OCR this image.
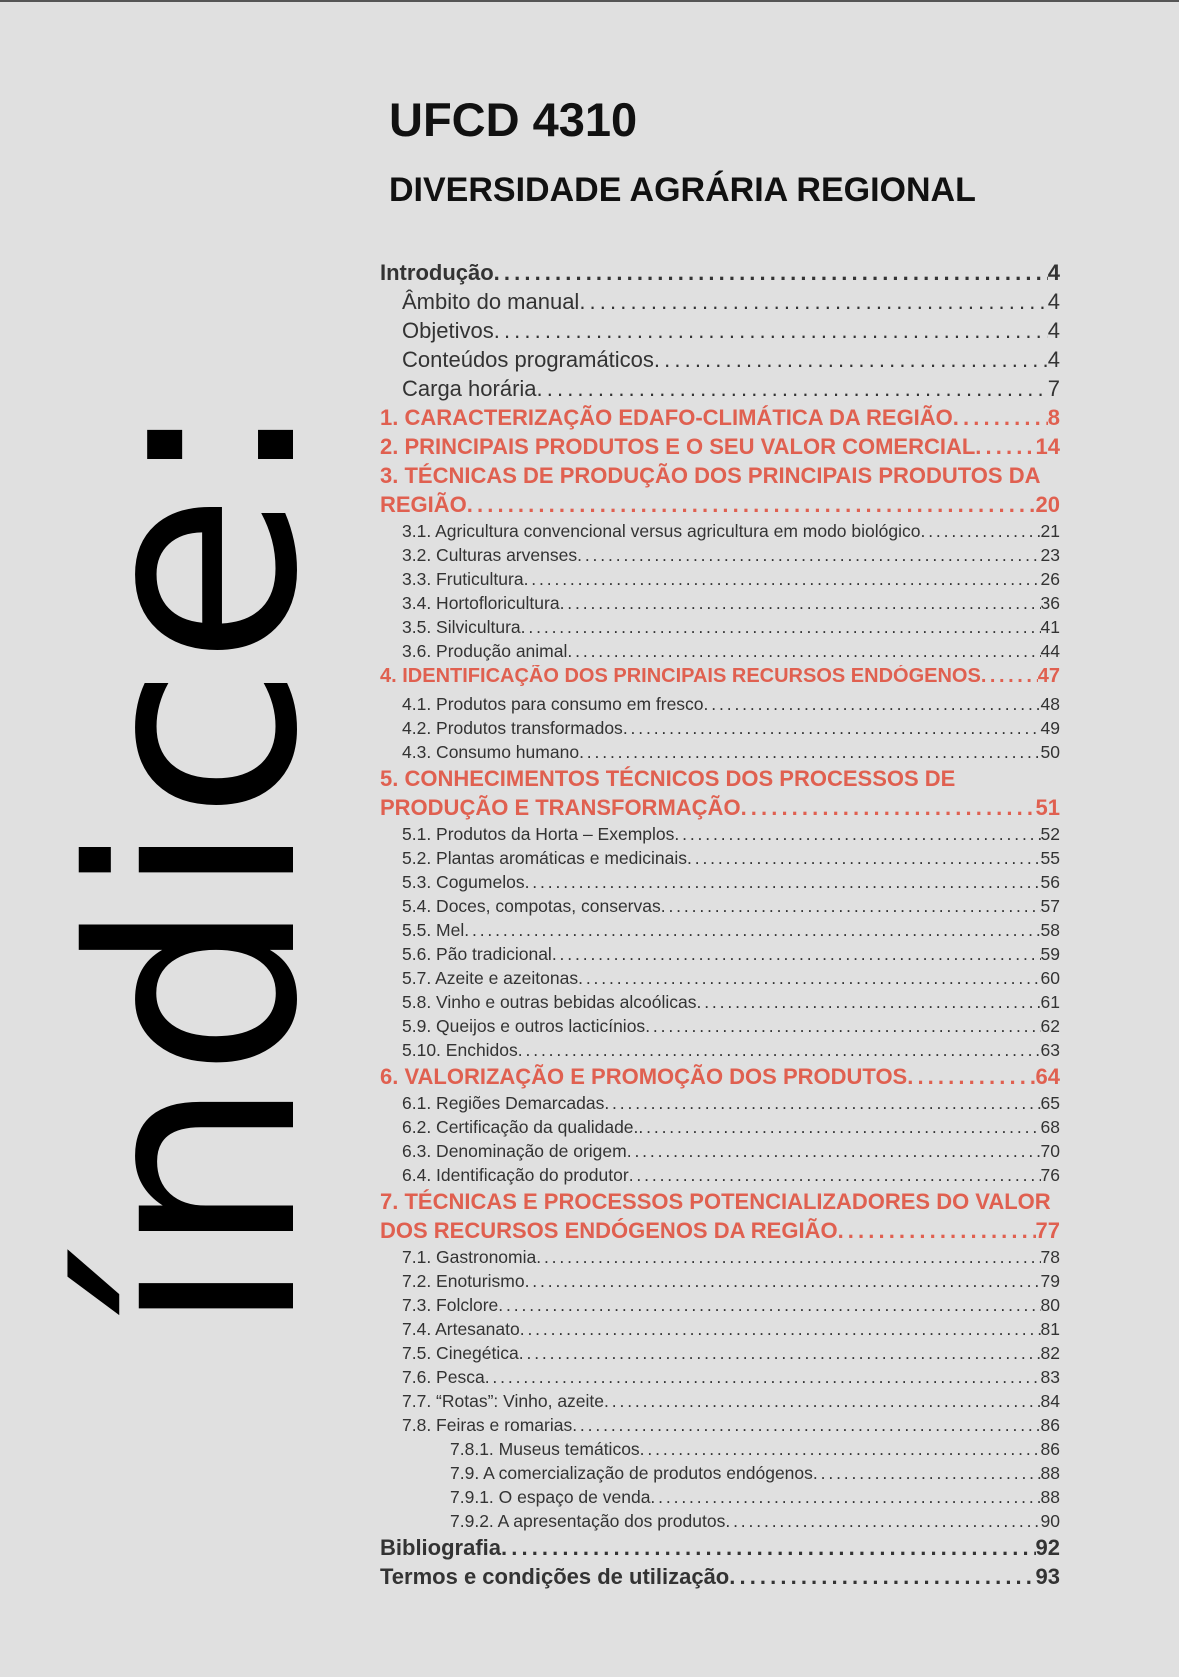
índice:
UFCD 4310
DIVERSIDADE AGRÁRIA REGIONAL
Introdução . . .	4
Âmbito do manual . . .	4
Objetivos . . .	4
Conteúdos programáticos . . .	4
Carga horária . . .	7
1. CARACTERIZAÇÃO EDAFO-CLIMÁTICA DA REGIÃO . . .	8
2. PRINCIPAIS PRODUTOS E O SEU VALOR COMERCIAL . . .	14
3. TÉCNICAS DE PRODUÇÃO DOS PRINCIPAIS PRODUTOS DA
REGIÃO . . .	20
3.1. Agricultura convencional versus agricultura em modo biológico . . .	21
3.2. Culturas arvenses . . .	23
3.3. Fruticultura . . .	26
3.4. Hortofloricultura . . .	36
3.5. Silvicultura . . .	41
3.6. Produção animal . . .	44
4. IDENTIFICAÇÃO DOS PRINCIPAIS RECURSOS ENDÓGENOS . . .	47
4.1. Produtos para consumo em fresco . . .	48
4.2. Produtos transformados . . .	49
4.3. Consumo humano . . .	50
5. CONHECIMENTOS TÉCNICOS DOS PROCESSOS DE
PRODUÇÃO E TRANSFORMAÇÃO . . .	51
5.1. Produtos da Horta – Exemplos . . .	52
5.2. Plantas aromáticas e medicinais . . .	55
5.3. Cogumelos . . .	56
5.4. Doces, compotas, conservas . . .	57
5.5. Mel . . .	58
5.6. Pão tradicional . . .	59
5.7. Azeite e azeitonas . . .	60
5.8. Vinho e outras bebidas alcoólicas . . .	61
5.9. Queijos e outros lacticínios . . .	62
5.10. Enchidos . . .	63
6. VALORIZAÇÃO E PROMOÇÃO DOS PRODUTOS . . .	64
6.1. Regiões Demarcadas . . .	65
6.2. Certificação da qualidade. . . .	68
6.3. Denominação de origem . . .	70
6.4. Identificação do produtor . . .	76
7. TÉCNICAS E PROCESSOS POTENCIALIZADORES DO VALOR
DOS RECURSOS ENDÓGENOS DA REGIÃO . . .	77
7.1. Gastronomia . . .	78
7.2. Enoturismo . . .	79
7.3. Folclore . . .	80
7.4. Artesanato . . .	81
7.5. Cinegética . . .	82
7.6. Pesca . . .	83
7.7. “Rotas”: Vinho, azeite . . .	84
7.8. Feiras e romarias . . .	86
7.8.1. Museus temáticos . . .	86
7.9. A comercialização de produtos endógenos . . .	88
7.9.1. O espaço de venda . . .	88
7.9.2. A apresentação dos produtos . . .	90
Bibliografia . . .	92
Termos e condições de utilização . . .	93
